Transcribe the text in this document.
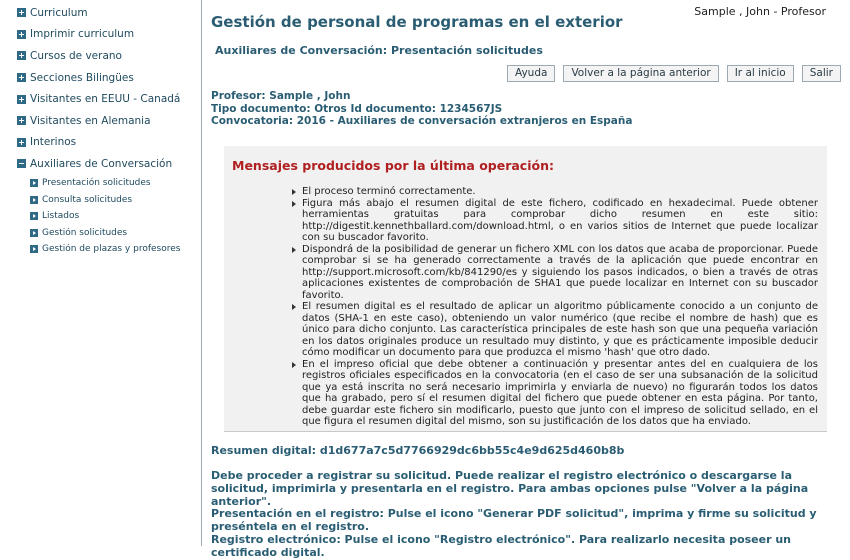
Curriculum
Imprimir curriculum
Cursos de verano
Secciones Bilingües
Visitantes en EEUU - Canadá
Visitantes en Alemania
Interinos
Auxiliares de Conversación
Presentación solicitudes
Consulta solicitudes
Listados
Gestión solicitudes
Gestión de plazas y profesores
Sample , John - Profesor
Gestión de personal de programas en el exterior
Auxiliares de Conversación: Presentación solicitudes
Ayuda	Volver a la página anterior	Ir al inicio	Salir
Profesor: Sample , John
Tipo documento: Otros Id documento: 1234567JS
Convocatoria: 2016 - Auxiliares de conversación extranjeros en España
Mensajes producidos por la última operación:
El proceso terminó correctamente.
Figura más abajo el resumen digital de este fichero, codificado en hexadecimal. Puede obtener herramientas gratuitas para comprobar dicho resumen en este sitio: http://digestit.kennethballard.com/download.html, o en varios sitios de Internet que puede localizar con su buscador favorito.
Dispondrá de la posibilidad de generar un fichero XML con los datos que acaba de proporcionar. Puede comprobar si se ha generado correctamente a través de la aplicación que puede encontrar en http://support.microsoft.com/kb/841290/es y siguiendo los pasos indicados, o bien a través de otras aplicaciones existentes de comprobación de SHA1 que puede localizar en Internet con su buscador favorito.
El resumen digital es el resultado de aplicar un algoritmo públicamente conocido a un conjunto de datos (SHA-1 en este caso), obteniendo un valor numérico (que recibe el nombre de hash) que es único para dicho conjunto. Las característica principales de este hash son que una pequeña variación en los datos originales produce un resultado muy distinto, y que es prácticamente imposible deducir cómo modificar un documento para que produzca el mismo 'hash' que otro dado.
En el impreso oficial que debe obtener a continuación y presentar antes del en cualquiera de los registros oficiales especificados en la convocatoria (en el caso de ser una subsanación de la solicitud que ya está inscrita no será necesario imprimirla y enviarla de nuevo) no figurarán todos los datos que ha grabado, pero sí el resumen digital del fichero que puede obtener en esta página. Por tanto, debe guardar este fichero sin modificarlo, puesto que junto con el impreso de solicitud sellado, en el que figura el resumen digital del mismo, son su justificación de los datos que ha enviado.
Resumen digital: d1d677a7c5d7766929dc6bb55c4e9d625d460b8b

Debe proceder a registrar su solicitud. Puede realizar el registro electrónico o descargarse la solicitud, imprimirla y presentarla en el registro. Para ambas opciones pulse "Volver a la página anterior".

Presentación en el registro: Pulse el icono "Generar PDF solicitud", imprima y firme su solicitud y preséntela en el registro.

Registro electrónico: Pulse el icono "Registro electrónico". Para realizarlo necesita poseer un certificado digital.
